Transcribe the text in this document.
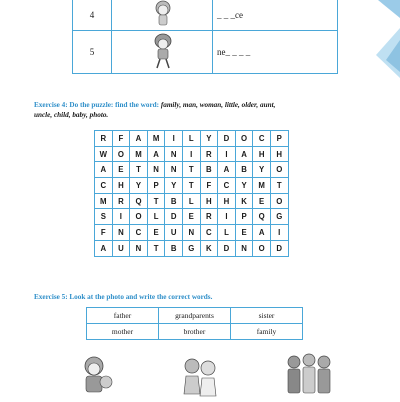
4		_ _ _ce
5		ne_ _ _ _
Exercise 4: Do the puzzle: find the word: family, man, woman, little, older, aunt,
uncle, child, baby, photo.
R	F	A	M	I	L	Y	D	O	C	P
W	O	M	A	N	I	R	I	A	H	H
A	E	T	N	N	T	B	A	B	Y	O
C	H	Y	P	Y	T	F	C	Y	M	T
M	R	Q	T	B	L	H	H	K	E	O
S	I	O	L	D	E	R	I	P	Q	G
F	N	C	E	U	N	C	L	E	A	I
A	U	N	T	B	G	K	D	N	O	D
Exercise 5: Look at the photo and write the correct words.
father	grandparents	sister
mother	brother	family
